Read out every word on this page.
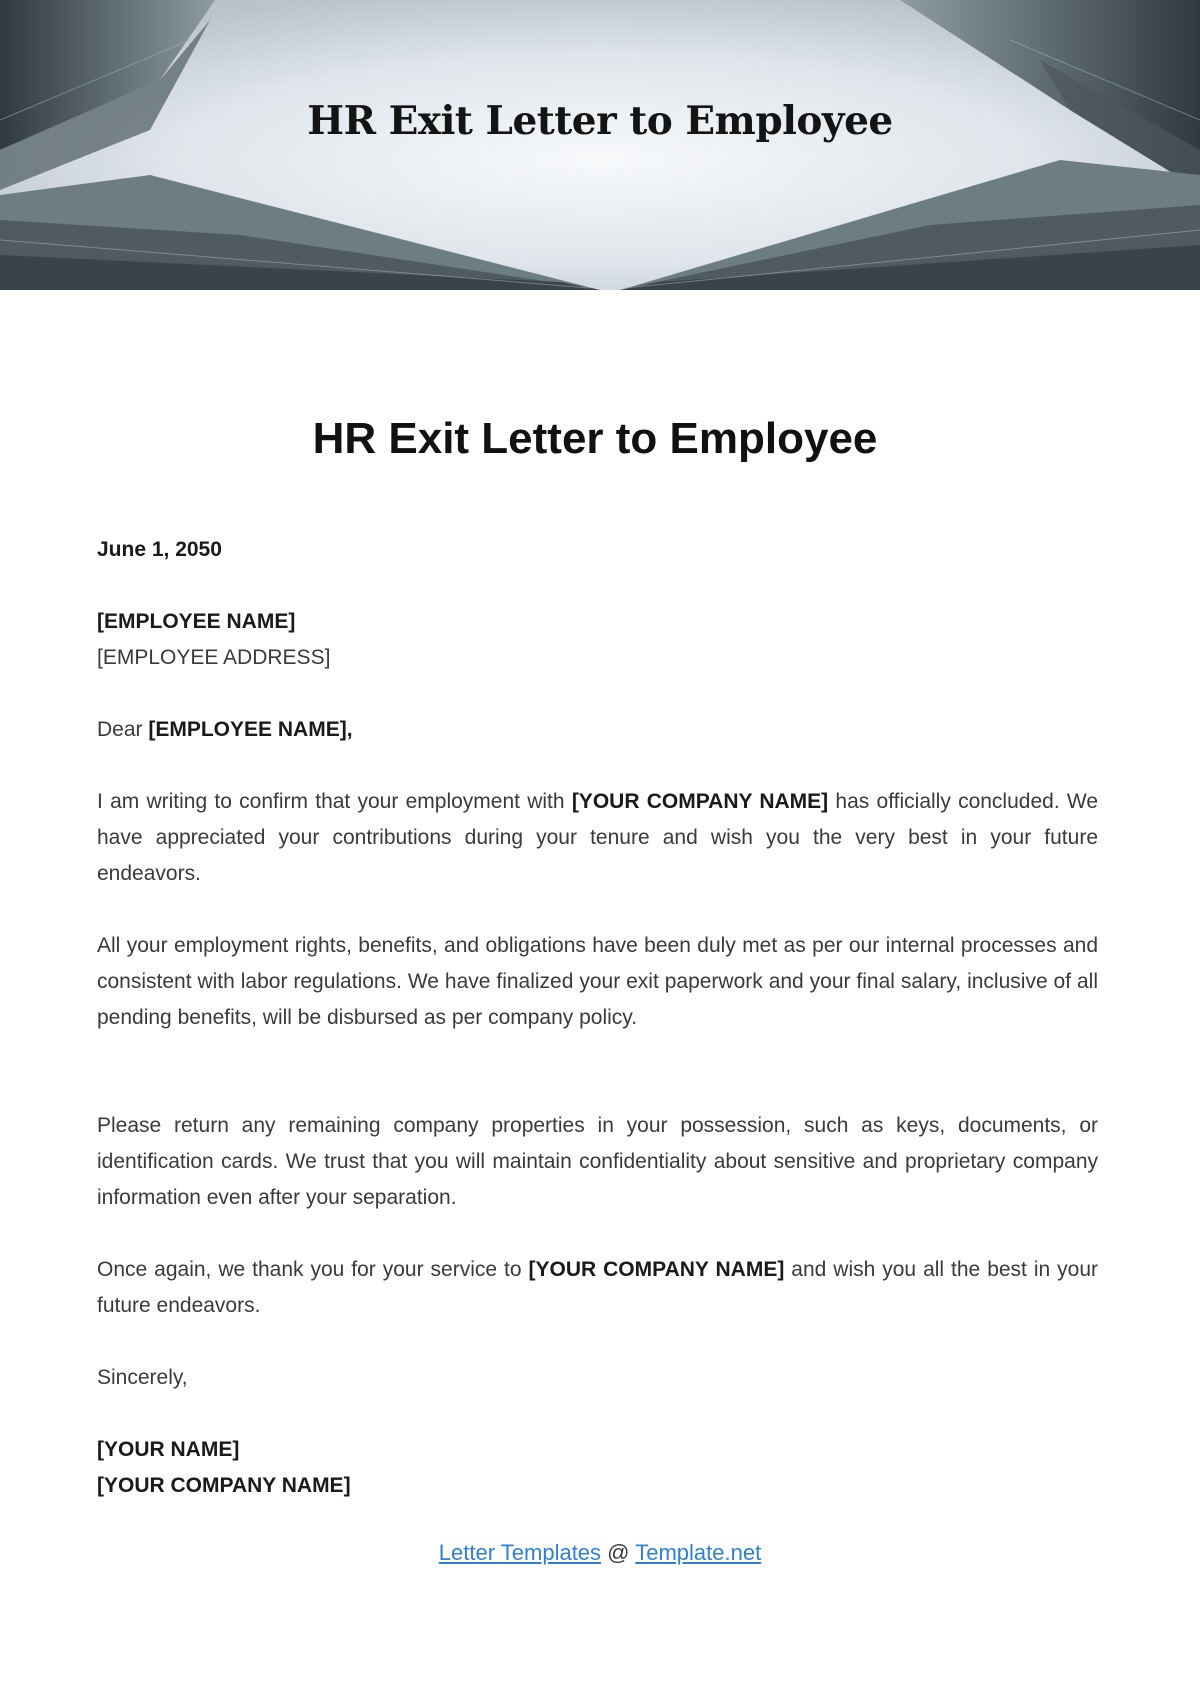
HR Exit Letter to Employee
HR Exit Letter to Employee

June 1, 2050

[EMPLOYEE NAME]

[EMPLOYEE ADDRESS]

Dear [EMPLOYEE NAME],

I am writing to confirm that your employment with [YOUR COMPANY NAME] has officially concluded. We have appreciated your contributions during your tenure and wish you the very best in your future endeavors.

All your employment rights, benefits, and obligations have been duly met as per our internal processes and consistent with labor regulations. We have finalized your exit paperwork and your final salary, inclusive of all pending benefits, will be disbursed as per company policy.

Please return any remaining company properties in your possession, such as keys, documents, or identification cards. We trust that you will maintain confidentiality about sensitive and proprietary company information even after your separation.

Once again, we thank you for your service to [YOUR COMPANY NAME] and wish you all the best in your future endeavors.

Sincerely,

[YOUR NAME]

[YOUR COMPANY NAME]

Letter Templates @ Template.net
